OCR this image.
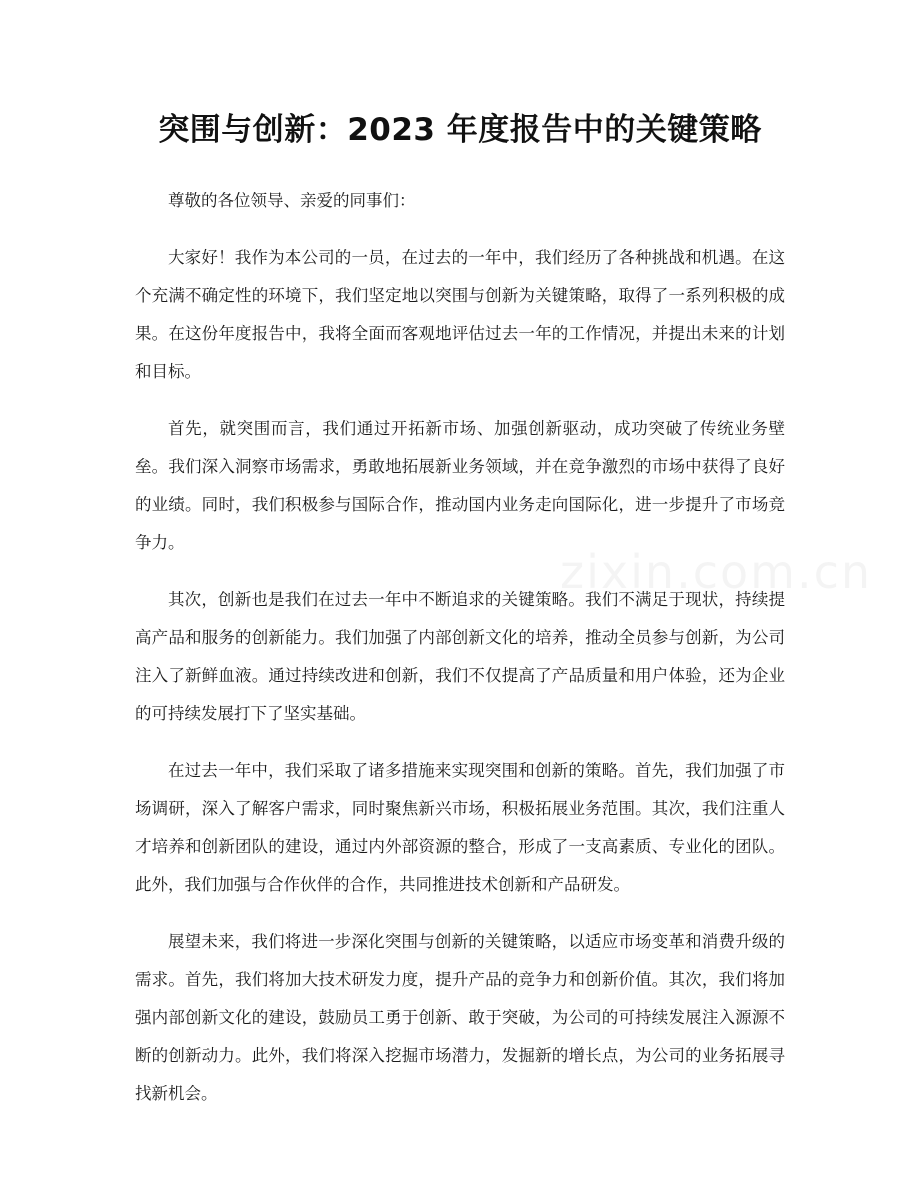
突围与创新：2023 年度报告中的关键策略

尊敬的各位领导、亲爱的同事们：

大家好！我作为本公司的一员，在过去的一年中，我们经历了各种挑战和机遇。在这个充满不确定性的环境下，我们坚定地以突围与创新为关键策略，取得了一系列积极的成果。在这份年度报告中，我将全面而客观地评估过去一年的工作情况，并提出未来的计划和目标。

首先，就突围而言，我们通过开拓新市场、加强创新驱动，成功突破了传统业务壁垒。我们深入洞察市场需求，勇敢地拓展新业务领域，并在竞争激烈的市场中获得了良好的业绩。同时，我们积极参与国际合作，推动国内业务走向国际化，进一步提升了市场竞争力。

其次，创新也是我们在过去一年中不断追求的关键策略。我们不满足于现状，持续提高产品和服务的创新能力。我们加强了内部创新文化的培养，推动全员参与创新，为公司注入了新鲜血液。通过持续改进和创新，我们不仅提高了产品质量和用户体验，还为企业的可持续发展打下了坚实基础。

在过去一年中，我们采取了诸多措施来实现突围和创新的策略。首先，我们加强了市场调研，深入了解客户需求，同时聚焦新兴市场，积极拓展业务范围。其次，我们注重人才培养和创新团队的建设，通过内外部资源的整合，形成了一支高素质、专业化的团队。此外，我们加强与合作伙伴的合作，共同推进技术创新和产品研发。

展望未来，我们将进一步深化突围与创新的关键策略，以适应市场变革和消费升级的需求。首先，我们将加大技术研发力度，提升产品的竞争力和创新价值。其次，我们将加强内部创新文化的建设，鼓励员工勇于创新、敢于突破，为公司的可持续发展注入源源不断的创新动力。此外，我们将深入挖掘市场潜力，发掘新的增长点，为公司的业务拓展寻找新机会。
